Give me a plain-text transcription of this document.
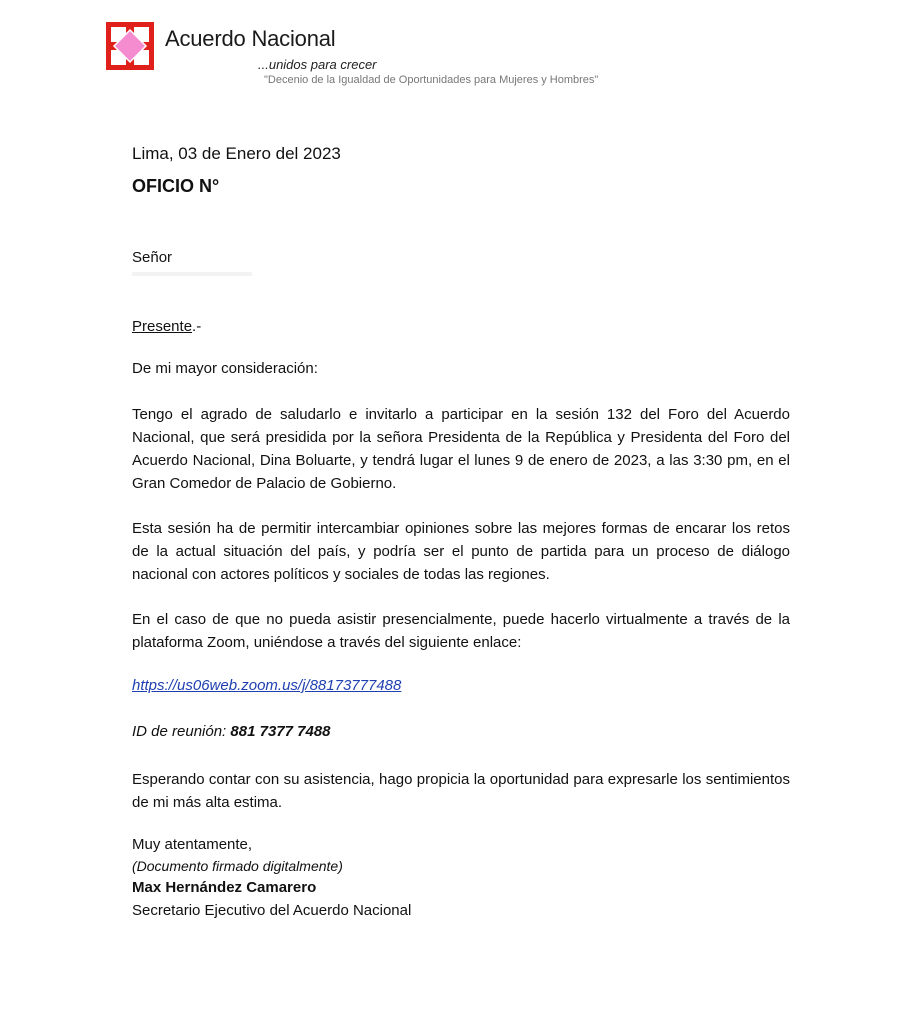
Acuerdo Nacional
...unidos para crecer
"Decenio de la Igualdad de Oportunidades para Mujeres y Hombres"
Lima, 03 de Enero del 2023
OFICIO N°
Señor
Presente.-
De mi mayor consideración:
Tengo el agrado de saludarlo e invitarlo a participar en la sesión 132 del Foro del Acuerdo Nacional, que será presidida por la señora Presidenta de la República y Presidenta del Foro del Acuerdo Nacional, Dina Boluarte, y tendrá lugar el lunes 9 de enero de 2023, a las 3:30 pm, en el Gran Comedor de Palacio de Gobierno.
Esta sesión ha de permitir intercambiar opiniones sobre las mejores formas de encarar los retos de la actual situación del país, y podría ser el punto de partida para un proceso de diálogo nacional con actores políticos y sociales de todas las regiones.
En el caso de que no pueda asistir presencialmente, puede hacerlo virtualmente a través de la plataforma Zoom, uniéndose a través del siguiente enlace:
https://us06web.zoom.us/j/88173777488
ID de reunión: 881 7377 7488
Esperando contar con su asistencia, hago propicia la oportunidad para expresarle los sentimientos de mi más alta estima.
Muy atentamente,
(Documento firmado digitalmente)
Max Hernández Camarero
Secretario Ejecutivo del Acuerdo Nacional
